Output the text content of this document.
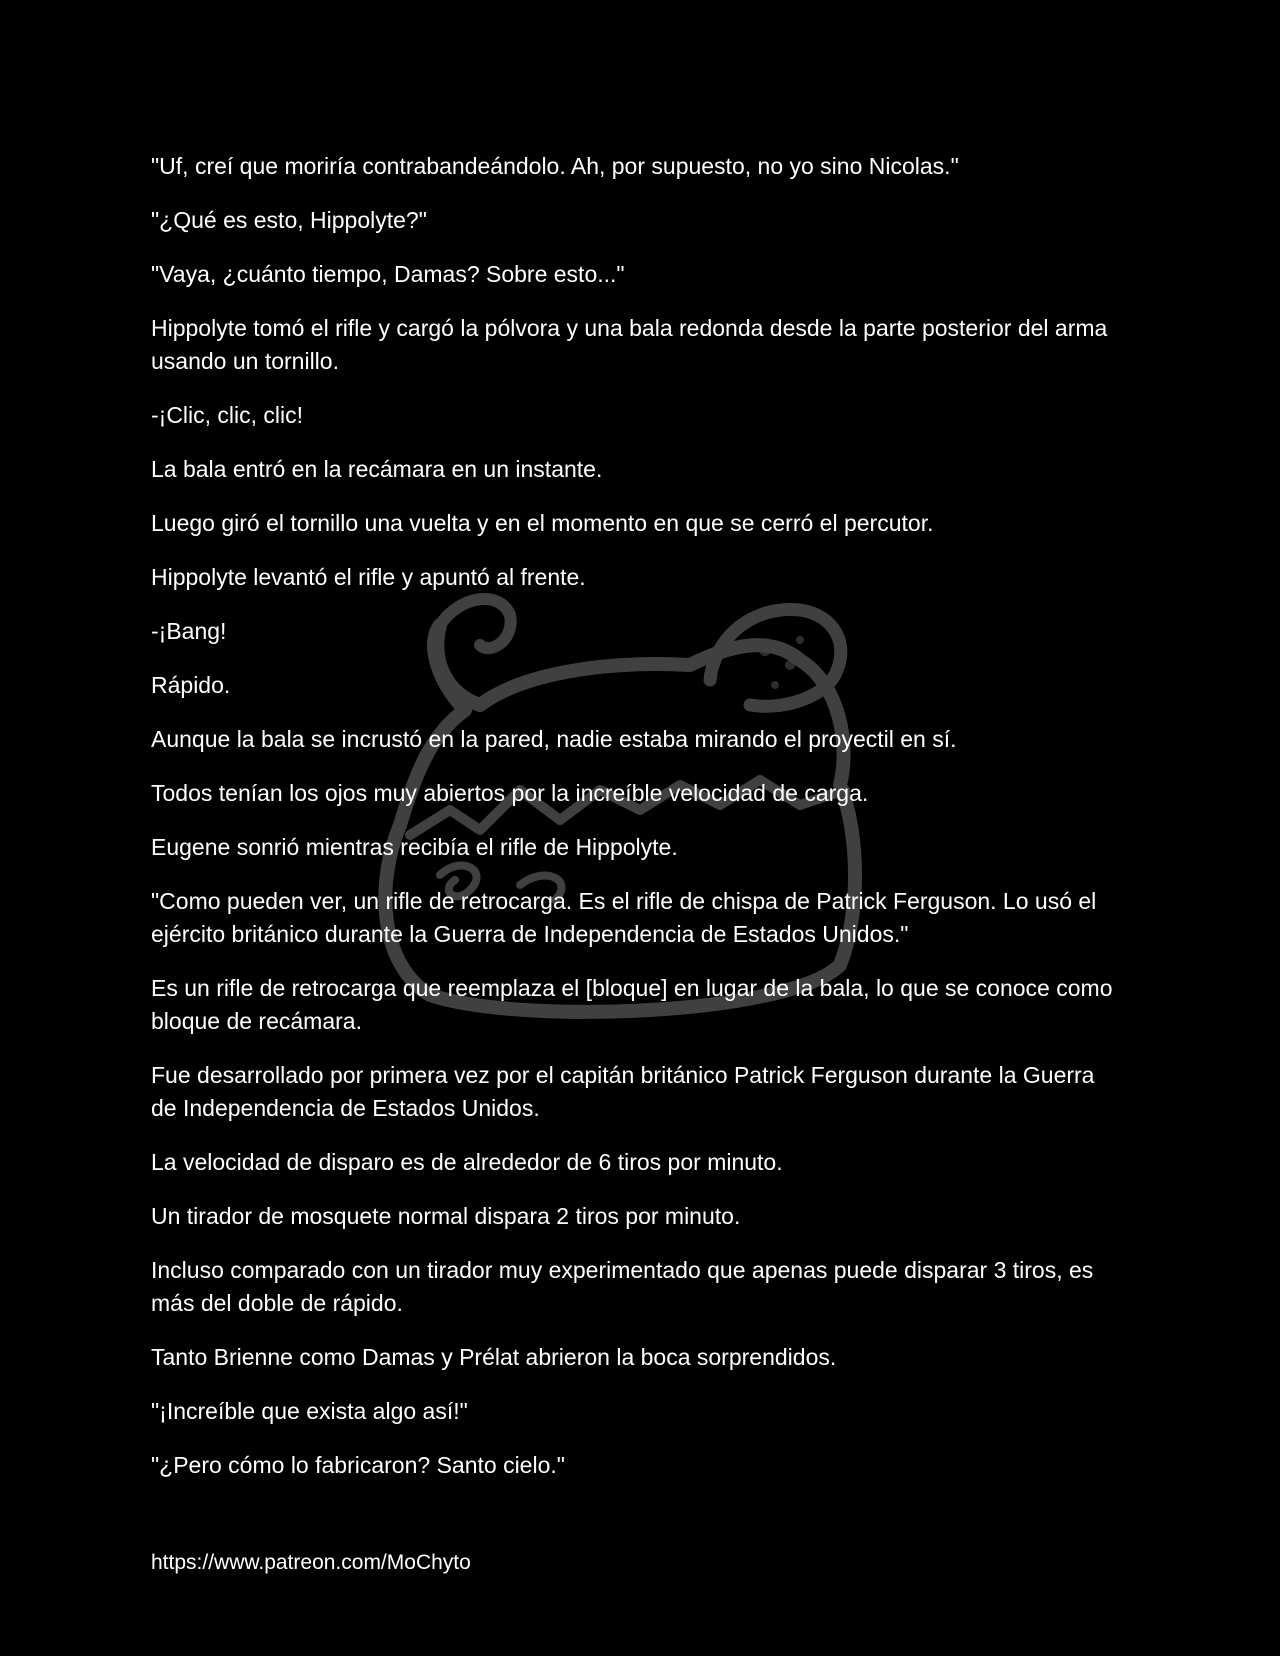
"Uf, creí que moriría contrabandeándolo. Ah, por supuesto, no yo sino Nicolas."

"¿Qué es esto, Hippolyte?"

"Vaya, ¿cuánto tiempo, Damas? Sobre esto..."

Hippolyte tomó el rifle y cargó la pólvora y una bala redonda desde la parte posterior del arma usando un tornillo.

-¡Clic, clic, clic!

La bala entró en la recámara en un instante.

Luego giró el tornillo una vuelta y en el momento en que se cerró el percutor.

Hippolyte levantó el rifle y apuntó al frente.

-¡Bang!

Rápido.

Aunque la bala se incrustó en la pared, nadie estaba mirando el proyectil en sí.

Todos tenían los ojos muy abiertos por la increíble velocidad de carga.

Eugene sonrió mientras recibía el rifle de Hippolyte.

"Como pueden ver, un rifle de retrocarga. Es el rifle de chispa de Patrick Ferguson. Lo usó el ejército británico durante la Guerra de Independencia de Estados Unidos."

Es un rifle de retrocarga que reemplaza el [bloque] en lugar de la bala, lo que se conoce como bloque de recámara.

Fue desarrollado por primera vez por el capitán británico Patrick Ferguson durante la Guerra de Independencia de Estados Unidos.

La velocidad de disparo es de alrededor de 6 tiros por minuto.

Un tirador de mosquete normal dispara 2 tiros por minuto.

Incluso comparado con un tirador muy experimentado que apenas puede disparar 3 tiros, es más del doble de rápido.

Tanto Brienne como Damas y Prélat abrieron la boca sorprendidos.

"¡Increíble que exista algo así!"

"¿Pero cómo lo fabricaron? Santo cielo."

https://www.patreon.com/MoChyto
